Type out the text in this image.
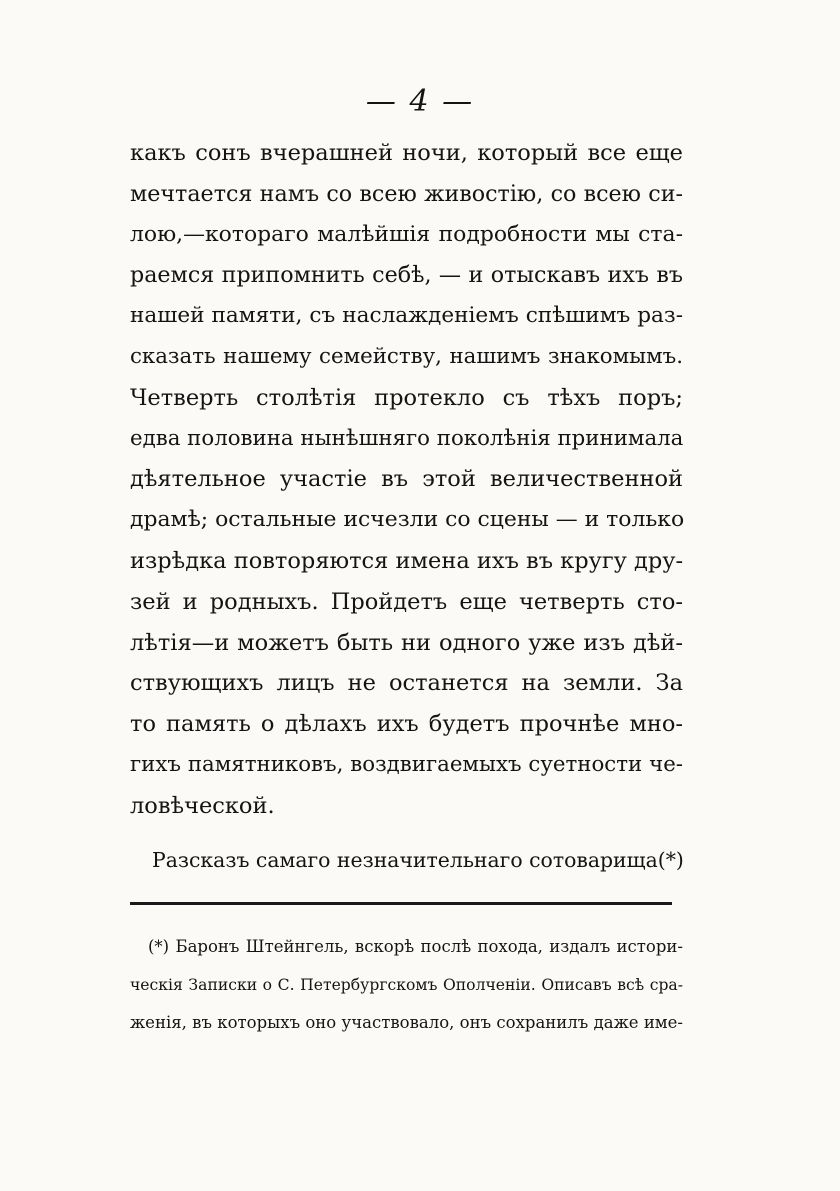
— 4 —
какъ сонъ вчерашней ночи, который все еще
мечтается намъ со всею живостію, со всею си-
лою,—котораго малѣйшія подробности мы ста-
раемся припомнить себѣ, — и отыскавъ ихъ въ
нашей памяти, съ наслажденіемъ спѣшимъ раз-
сказать нашему семейству, нашимъ знакомымъ.
Четверть столѣтія протекло съ тѣхъ поръ;
едва половина нынѣшняго поколѣнія принимала
дѣятельное участіе въ этой величественной
драмѣ; остальные исчезли со сцены — и только
изрѣдка повторяются имена ихъ въ кругу дру-
зей и родныхъ. Пройдетъ еще четверть сто-
лѣтія—и можетъ быть ни одного уже изъ дѣй-
ствующихъ лицъ не останется на земли. За
то память о дѣлахъ ихъ будетъ прочнѣе мно-
гихъ памятниковъ, воздвигаемыхъ суетности че-
ловѣческой.
Разсказъ самаго незначительнаго сотоварища(*)
(*) Баронъ Штейнгель, вскорѣ послѣ похода, издалъ истори-
ческія Записки о С. Петербургскомъ Ополченіи. Описавъ всѣ сра-
женія, въ которыхъ оно участвовало, онъ сохранилъ даже име-
